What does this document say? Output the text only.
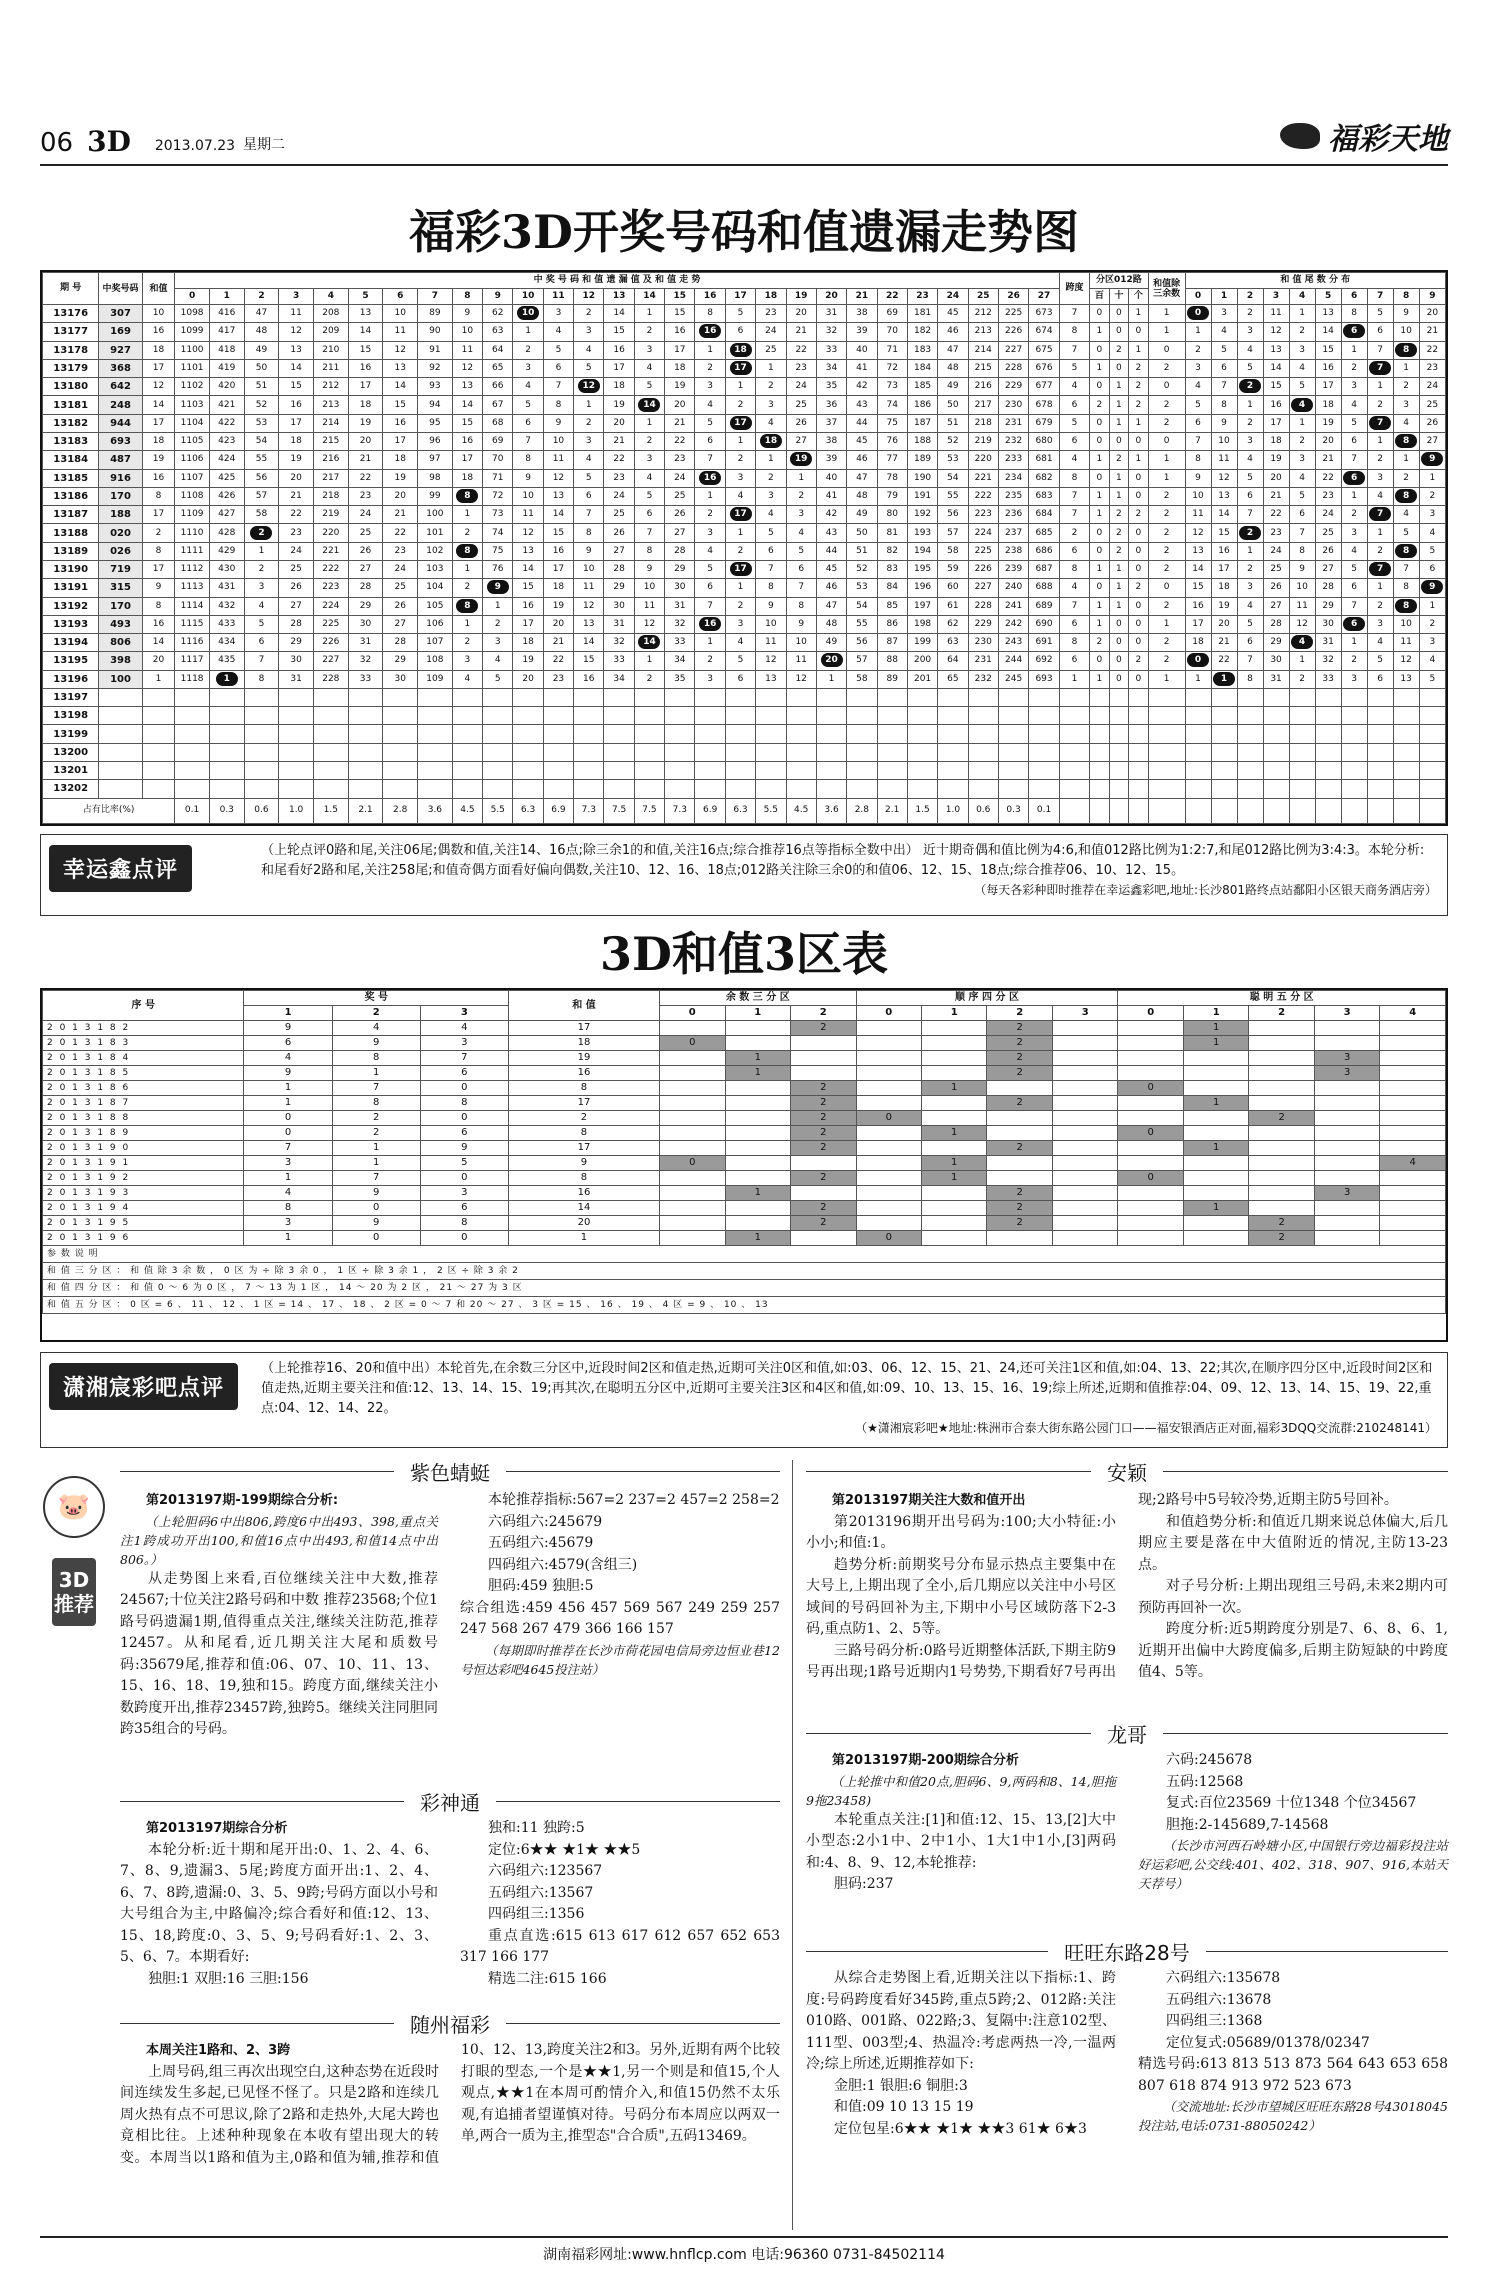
06 3D 2013.07.23 星期二	福彩天地
福彩3D开奖号码和值遗漏走势图
期 号	中奖号码	和值	中 奖 号 码 和 值 遗 漏 值 及 和 值 走 势																												跨度	分区012路			和值除三余数	和 值 尾 数 分 布									
			0	1	2	3	4	5	6	7	8	9	10	11	12	13	14	15	16	17	18	19	20	21	22	23	24	25	26	27		百	十	个		0	1	2	3	4	5	6	7	8	9
13176	307	10	1098	416	47	11	208	13	10	89	9	62	10	3	2	14	1	15	8	5	23	20	31	38	69	181	45	212	225	673	7	0	0	1	1	0	3	2	11	1	13	8	5	9	20
13177	169	16	1099	417	48	12	209	14	11	90	10	63	1	4	3	15	2	16	16	6	24	21	32	39	70	182	46	213	226	674	8	1	0	0	1	1	4	3	12	2	14	6	6	10	21
13178	927	18	1100	418	49	13	210	15	12	91	11	64	2	5	4	16	3	17	1	18	25	22	33	40	71	183	47	214	227	675	7	0	2	1	0	2	5	4	13	3	15	1	7	8	22
13179	368	17	1101	419	50	14	211	16	13	92	12	65	3	6	5	17	4	18	2	17	1	23	34	41	72	184	48	215	228	676	5	1	0	2	2	3	6	5	14	4	16	2	7	1	23
13180	642	12	1102	420	51	15	212	17	14	93	13	66	4	7	12	18	5	19	3	1	2	24	35	42	73	185	49	216	229	677	4	0	1	2	0	4	7	2	15	5	17	3	1	2	24
13181	248	14	1103	421	52	16	213	18	15	94	14	67	5	8	1	19	14	20	4	2	3	25	36	43	74	186	50	217	230	678	6	2	1	2	2	5	8	1	16	4	18	4	2	3	25
13182	944	17	1104	422	53	17	214	19	16	95	15	68	6	9	2	20	1	21	5	17	4	26	37	44	75	187	51	218	231	679	5	0	1	1	2	6	9	2	17	1	19	5	7	4	26
13183	693	18	1105	423	54	18	215	20	17	96	16	69	7	10	3	21	2	22	6	1	18	27	38	45	76	188	52	219	232	680	6	0	0	0	0	7	10	3	18	2	20	6	1	8	27
13184	487	19	1106	424	55	19	216	21	18	97	17	70	8	11	4	22	3	23	7	2	1	19	39	46	77	189	53	220	233	681	4	1	2	1	1	8	11	4	19	3	21	7	2	1	9
13185	916	16	1107	425	56	20	217	22	19	98	18	71	9	12	5	23	4	24	16	3	2	1	40	47	78	190	54	221	234	682	8	0	1	0	1	9	12	5	20	4	22	6	3	2	1
13186	170	8	1108	426	57	21	218	23	20	99	8	72	10	13	6	24	5	25	1	4	3	2	41	48	79	191	55	222	235	683	7	1	1	0	2	10	13	6	21	5	23	1	4	8	2
13187	188	17	1109	427	58	22	219	24	21	100	1	73	11	14	7	25	6	26	2	17	4	3	42	49	80	192	56	223	236	684	7	1	2	2	2	11	14	7	22	6	24	2	7	4	3
13188	020	2	1110	428	2	23	220	25	22	101	2	74	12	15	8	26	7	27	3	1	5	4	43	50	81	193	57	224	237	685	2	0	2	0	2	12	15	2	23	7	25	3	1	5	4
13189	026	8	1111	429	1	24	221	26	23	102	8	75	13	16	9	27	8	28	4	2	6	5	44	51	82	194	58	225	238	686	6	0	2	0	2	13	16	1	24	8	26	4	2	8	5
13190	719	17	1112	430	2	25	222	27	24	103	1	76	14	17	10	28	9	29	5	17	7	6	45	52	83	195	59	226	239	687	8	1	1	0	2	14	17	2	25	9	27	5	7	7	6
13191	315	9	1113	431	3	26	223	28	25	104	2	9	15	18	11	29	10	30	6	1	8	7	46	53	84	196	60	227	240	688	4	0	1	2	0	15	18	3	26	10	28	6	1	8	9
13192	170	8	1114	432	4	27	224	29	26	105	8	1	16	19	12	30	11	31	7	2	9	8	47	54	85	197	61	228	241	689	7	1	1	0	2	16	19	4	27	11	29	7	2	8	1
13193	493	16	1115	433	5	28	225	30	27	106	1	2	17	20	13	31	12	32	16	3	10	9	48	55	86	198	62	229	242	690	6	1	0	0	1	17	20	5	28	12	30	6	3	10	2
13194	806	14	1116	434	6	29	226	31	28	107	2	3	18	21	14	32	14	33	1	4	11	10	49	56	87	199	63	230	243	691	8	2	0	0	2	18	21	6	29	4	31	1	4	11	3
13195	398	20	1117	435	7	30	227	32	29	108	3	4	19	22	15	33	1	34	2	5	12	11	20	57	88	200	64	231	244	692	6	0	0	2	2	0	22	7	30	1	32	2	5	12	4
13196	100	1	1118	1	8	31	228	33	30	109	4	5	20	23	16	34	2	35	3	6	13	12	1	58	89	201	65	232	245	693	1	1	0	0	1	1	1	8	31	2	33	3	6	13	5
13197																																													
13198																																													
13199																																													
13200																																													
13201																																													
13202																																													
占有比率(%)			0.1	0.3	0.6	1.0	1.5	2.1	2.8	3.6	4.5	5.5	6.3	6.9	7.3	7.5	7.5	7.3	6.9	6.3	5.5	4.5	3.6	2.8	2.1	1.5	1.0	0.6	0.3	0.1															
幸运鑫点评
（上轮点评0路和尾,关注06尾;偶数和值,关注14、16点;除三余1的和值,关注16点;综合推荐16点等指标全数中出） 近十期奇偶和值比例为4:6,和值012路比例为1:2:7,和尾012路比例为3:4:3。本轮分析:和尾看好2路和尾,关注258尾;和值奇偶方面看好偏向偶数,关注10、12、16、18点;012路关注除三余0的和值06、12、15、18点;综合推荐06、10、12、15。
（每天各彩种即时推荐在幸运鑫彩吧,地址:长沙801路终点站鄱阳小区银天商务酒店旁）
3D和值3区表
序 号	奖 号			和 值	余 数 三 分 区			顺 序 四 分 区				聪 明 五 分 区				
	1	2	3		0	1	2	0	1	2	3	0	1	2	3	4
2 0 1 3 1 8 2	9	4	4	17			2			2			1			
2 0 1 3 1 8 3	6	9	3	18	0					2			1			
2 0 1 3 1 8 4	4	8	7	19		1				2					3	
2 0 1 3 1 8 5	9	1	6	16		1				2					3	
2 0 1 3 1 8 6	1	7	0	8			2		1			0				
2 0 1 3 1 8 7	1	8	8	17			2			2			1			
2 0 1 3 1 8 8	0	2	0	2			2	0						2		
2 0 1 3 1 8 9	0	2	6	8			2		1			0				
2 0 1 3 1 9 0	7	1	9	17			2			2			1			
2 0 1 3 1 9 1	3	1	5	9	0				1							4
2 0 1 3 1 9 2	1	7	0	8			2		1			0				
2 0 1 3 1 9 3	4	9	3	16		1				2					3	
2 0 1 3 1 9 4	8	0	6	14			2			2			1			
2 0 1 3 1 9 5	3	9	8	20			2			2				2		
2 0 1 3 1 9 6	1	0	0	1		1		0						2		
参 数 说 明																
和 值 三 分 区 ： 和 值 除 3 余 数 ， 0 区 为 ÷ 除 3 余 0 ， 1 区 ÷ 除 3 余 1 ， 2 区 ÷ 除 3 余 2																
和 值 四 分 区 ： 和 值 0 ～ 6 为 0 区 ， 7 ～ 13 为 1 区 ， 14 ～ 20 为 2 区 ， 21 ～ 27 为 3 区																
和 值 五 分 区 ： 0 区 = 6 、 11 、 12 、 1 区 = 14 、 17 、 18 、 2 区 = 0 ～ 7 和 20 ～ 27 、 3 区 = 15 、 16 、 19 、 4 区 = 9 、 10 、 13																
潇湘宸彩吧点评
（上轮推荐16、20和值中出）本轮首先,在余数三分区中,近段时间2区和值走热,近期可关注0区和值,如:03、06、12、15、21、24,还可关注1区和值,如:04、13、22;其次,在顺序四分区中,近段时间2区和值走热,近期主要关注和值:12、13、14、15、19;再其次,在聪明五分区中,近期可主要关注3区和4区和值,如:09、10、13、15、16、19;综上所述,近期和值推荐:04、09、12、13、14、15、19、22,重点:04、12、14、22。
（★潇湘宸彩吧★地址:株洲市合泰大街东路公园门口——福安银酒店正对面,福彩3DQQ交流群:210248141）
🐷
3D推荐
紫色蜻蜓

第2013197期-199期综合分析:

（上轮胆码6中出806,跨度6中出493、398,重点关注1跨成功开出100,和值16点中出493,和值14点中出806。）

从走势图上来看,百位继续关注中大数,推荐24567;十位关注2路号码和中数 推荐23568;个位1路号码遗漏1期,值得重点关注,继续关注防范,推荐12457。从和尾看,近几期关注大尾和质数号码:35679尾,推荐和值:06、07、10、11、13、15、16、18、19,独和15。跨度方面,继续关注小数跨度开出,推荐23457跨,独跨5。继续关注同胆同跨35组合的号码。

本轮推荐指标:567=2 237=2 457=2 258=2

六码组六:245679

五码组六:45679

四码组六:4579(含组三)

胆码:459 独胆:5

综合组选:459 456 457 569 567 249 259 257 247 568 267 479 366 166 157

（每期即时推荐在长沙市荷花园电信局旁边恒业巷12号恒达彩吧4645投注站）

彩神通

第2013197期综合分析

本轮分析:近十期和尾开出:0、1、2、4、6、7、8、9,遗漏3、5尾;跨度方面开出:1、2、4、6、7、8跨,遗漏:0、3、5、9跨;号码方面以小号和大号组合为主,中路偏冷;综合看好和值:12、13、15、18,跨度:0、3、5、9;号码看好:1、2、3、5、6、7。本期看好:

独胆:1 双胆:16 三胆:156

独和:11 独跨:5

定位:6★★ ★1★ ★★5

六码组六:123567

五码组六:13567

四码组三:1356

重点直选:615 613 617 612 657 652 653 317 166 177

精选二注:615 166

随州福彩

本周关注1路和、2、3跨

上周号码,组三再次出现空白,这种态势在近段时间连续发生多起,已见怪不怪了。只是2路和连续几周火热有点不可思议,除了2路和走热外,大尾大跨也竟相比往。上述种种现象在本收有望出现大的转变。本周当以1路和值为主,0路和值为辅,推荐和值10、12、13,跨度关注2和3。另外,近期有两个比较打眼的型态,一个是★★1,另一个则是和值15,个人观点,★★1在本周可酌情介入,和值15仍然不太乐观,有追捕者望谨慎对待。号码分布本周应以两双一单,两合一质为主,推型态"合合质",五码13469。

安颖

第2013197期关注大数和值开出

第2013196期开出号码为:100;大小特征:小小小;和值:1。

趋势分析:前期奖号分布显示热点主要集中在大号上,上期出现了全小,后几期应以关注中小号区域间的号码回补为主,下期中小号区域防落下2-3码,重点防1、2、5等。

三路号码分析:0路号近期整体活跃,下期主防9号再出现;1路号近期内1号势势,下期看好7号再出现;2路号中5号较冷势,近期主防5号回补。

和值趋势分析:和值近几期来说总体偏大,后几期应主要是落在中大值附近的情况,主防13-23点。

对子号分析:上期出现组三号码,未来2期内可预防再回补一次。

跨度分析:近5期跨度分别是7、6、8、6、1,近期开出偏中大跨度偏多,后期主防短缺的中跨度值4、5等。

龙哥

第2013197期-200期综合分析

（上轮推中和值20点,胆码6、9,两码和8、14,胆拖9拖23458)

本轮重点关注:[1]和值:12、15、13,[2]大中小型态:2小1中、2中1小、1大1中1小,[3]两码和:4、8、9、12,本轮推荐:

胆码:237

六码:245678

五码:12568

复式:百位23569 十位1348 个位34567

胆拖:2-145689,7-14568

（长沙市河西石岭塘小区,中国银行旁边福彩投注站好运彩吧,公交线:401、402、318、907、916,本站天天荐号）

旺旺东路28号

从综合走势图上看,近期关注以下指标:1、跨度:号码跨度看好345跨,重点5跨;2、012路:关注010路、001路、022路;3、复隔中:注意102型、111型、003型;4、热温冷:考虑两热一冷,一温两冷;综上所述,近期推荐如下:

金胆:1 银胆:6 铜胆:3

和值:09 10 13 15 19

定位包星:6★★ ★1★ ★★3 61★ 6★3

六码组六:135678

五码组六:13678

四码组三:1368

定位复式:05689/01378/02347

精选号码:613 813 513 873 564 643 653 658 807 618 874 913 972 523 673

（交流地址:长沙市望城区旺旺东路28号43018045投注站,电话:0731-88050242）

湖南福彩网址:www.hnflcp.com 电话:96360 0731-84502114
